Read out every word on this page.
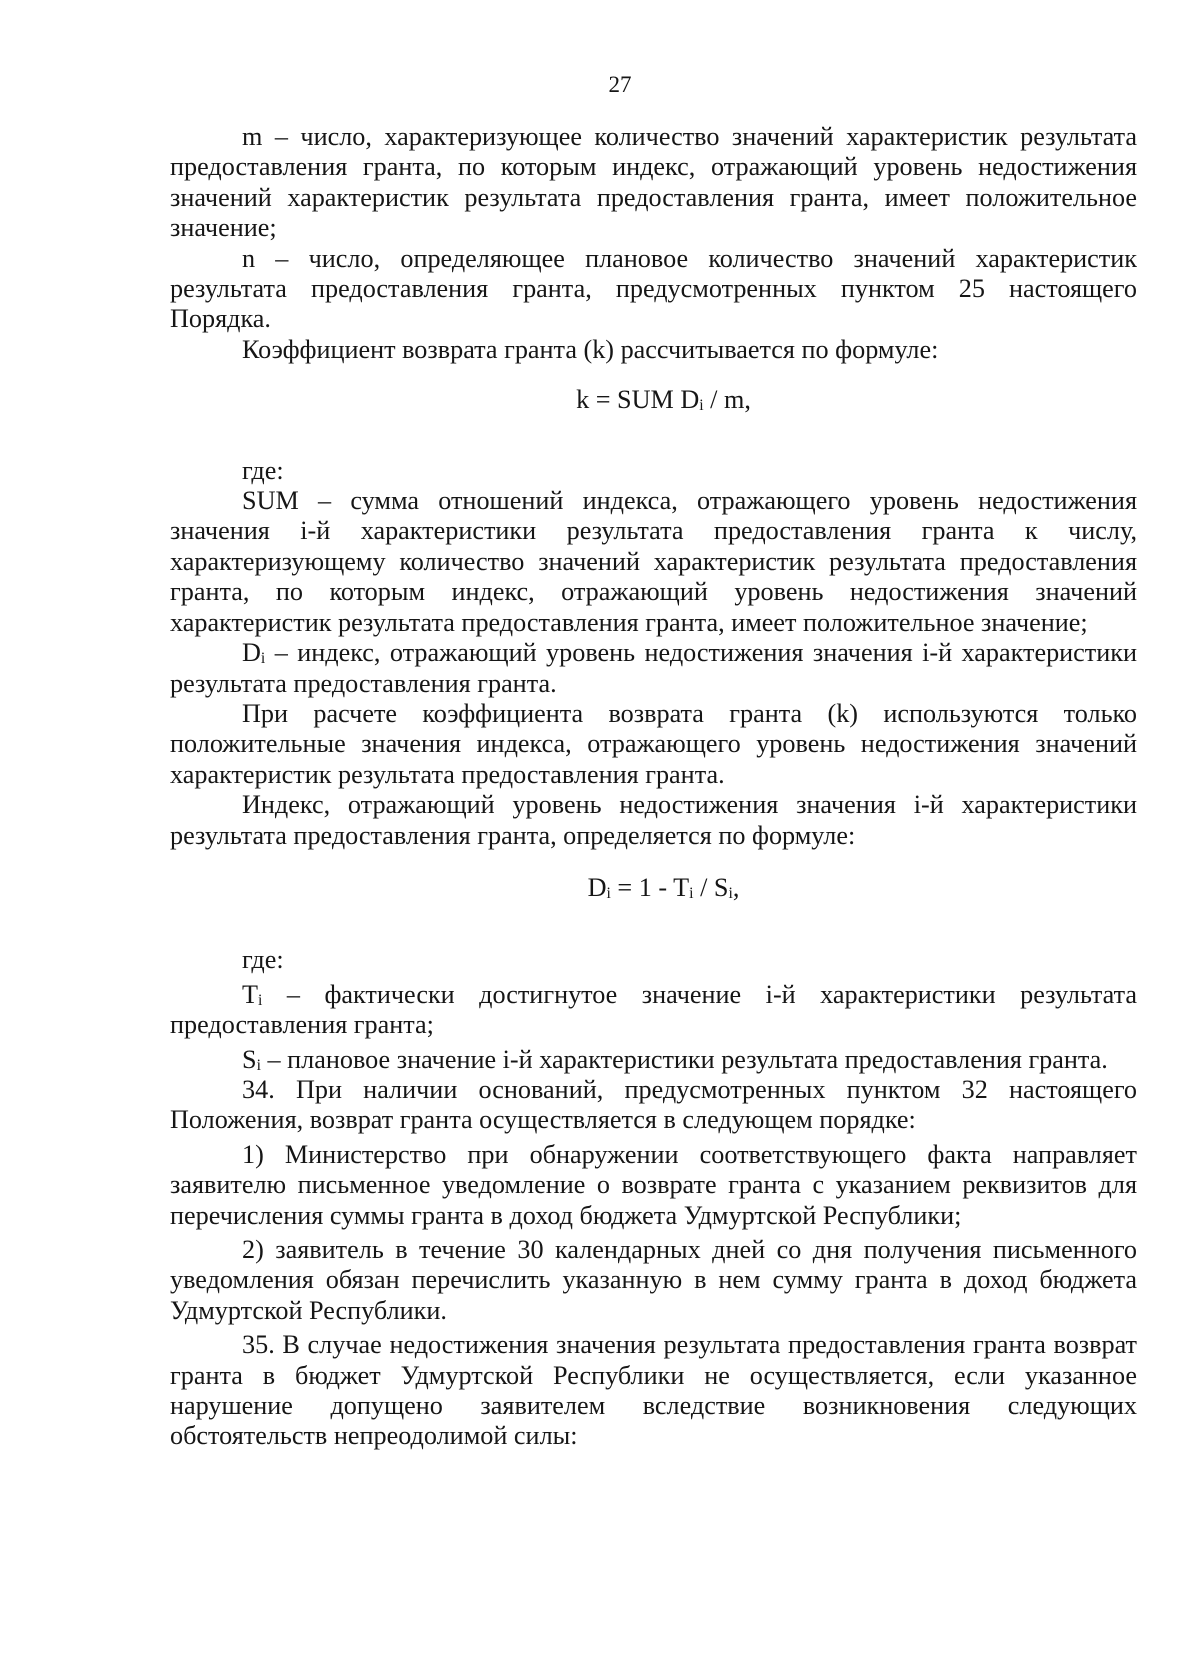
27

m – число, характеризующее количество значений характеристик результата предоставления гранта, по которым индекс, отражающий уровень недостижения значений характеристик результата предоставления гранта, имеет положительное значение;

n – число, определяющее плановое количество значений характеристик результата предоставления гранта, предусмотренных пунктом 25 настоящего Порядка.

Коэффициент возврата гранта (k) рассчитывается по формуле:

k = SUM $D_i$ / m,

где:

SUM – сумма отношений индекса, отражающего уровень недостижения значения i-й характеристики результата предоставления гранта к числу, характеризующему количество значений характеристик результата предоставления гранта, по которым индекс, отражающий уровень недостижения значений характеристик результата предоставления гранта, имеет положительное значение;

$D_i$ – индекс, отражающий уровень недостижения значения i-й характеристики результата предоставления гранта.

При расчете коэффициента возврата гранта (k) используются только положительные значения индекса, отражающего уровень недостижения значений характеристик результата предоставления гранта.

Индекс, отражающий уровень недостижения значения i-й характеристики результата предоставления гранта, определяется по формуле:

$D_i = 1 - T_i / S_i$,

где:

$T_i$ – фактически достигнутое значение i-й характеристики результата предоставления гранта;

$S_i$ – плановое значение i-й характеристики результата предоставления гранта.

34. При наличии оснований, предусмотренных пунктом 32 настоящего Положения, возврат гранта осуществляется в следующем порядке:

1) Министерство при обнаружении соответствующего факта направляет заявителю письменное уведомление о возврате гранта с указанием реквизитов для перечисления суммы гранта в доход бюджета Удмуртской Республики;

2) заявитель в течение 30 календарных дней со дня получения письменного уведомления обязан перечислить указанную в нем сумму гранта в доход бюджета Удмуртской Республики.

35. В случае недостижения значения результата предоставления гранта возврат гранта в бюджет Удмуртской Республики не осуществляется, если указанное нарушение допущено заявителем вследствие возникновения следующих обстоятельств непреодолимой силы:
